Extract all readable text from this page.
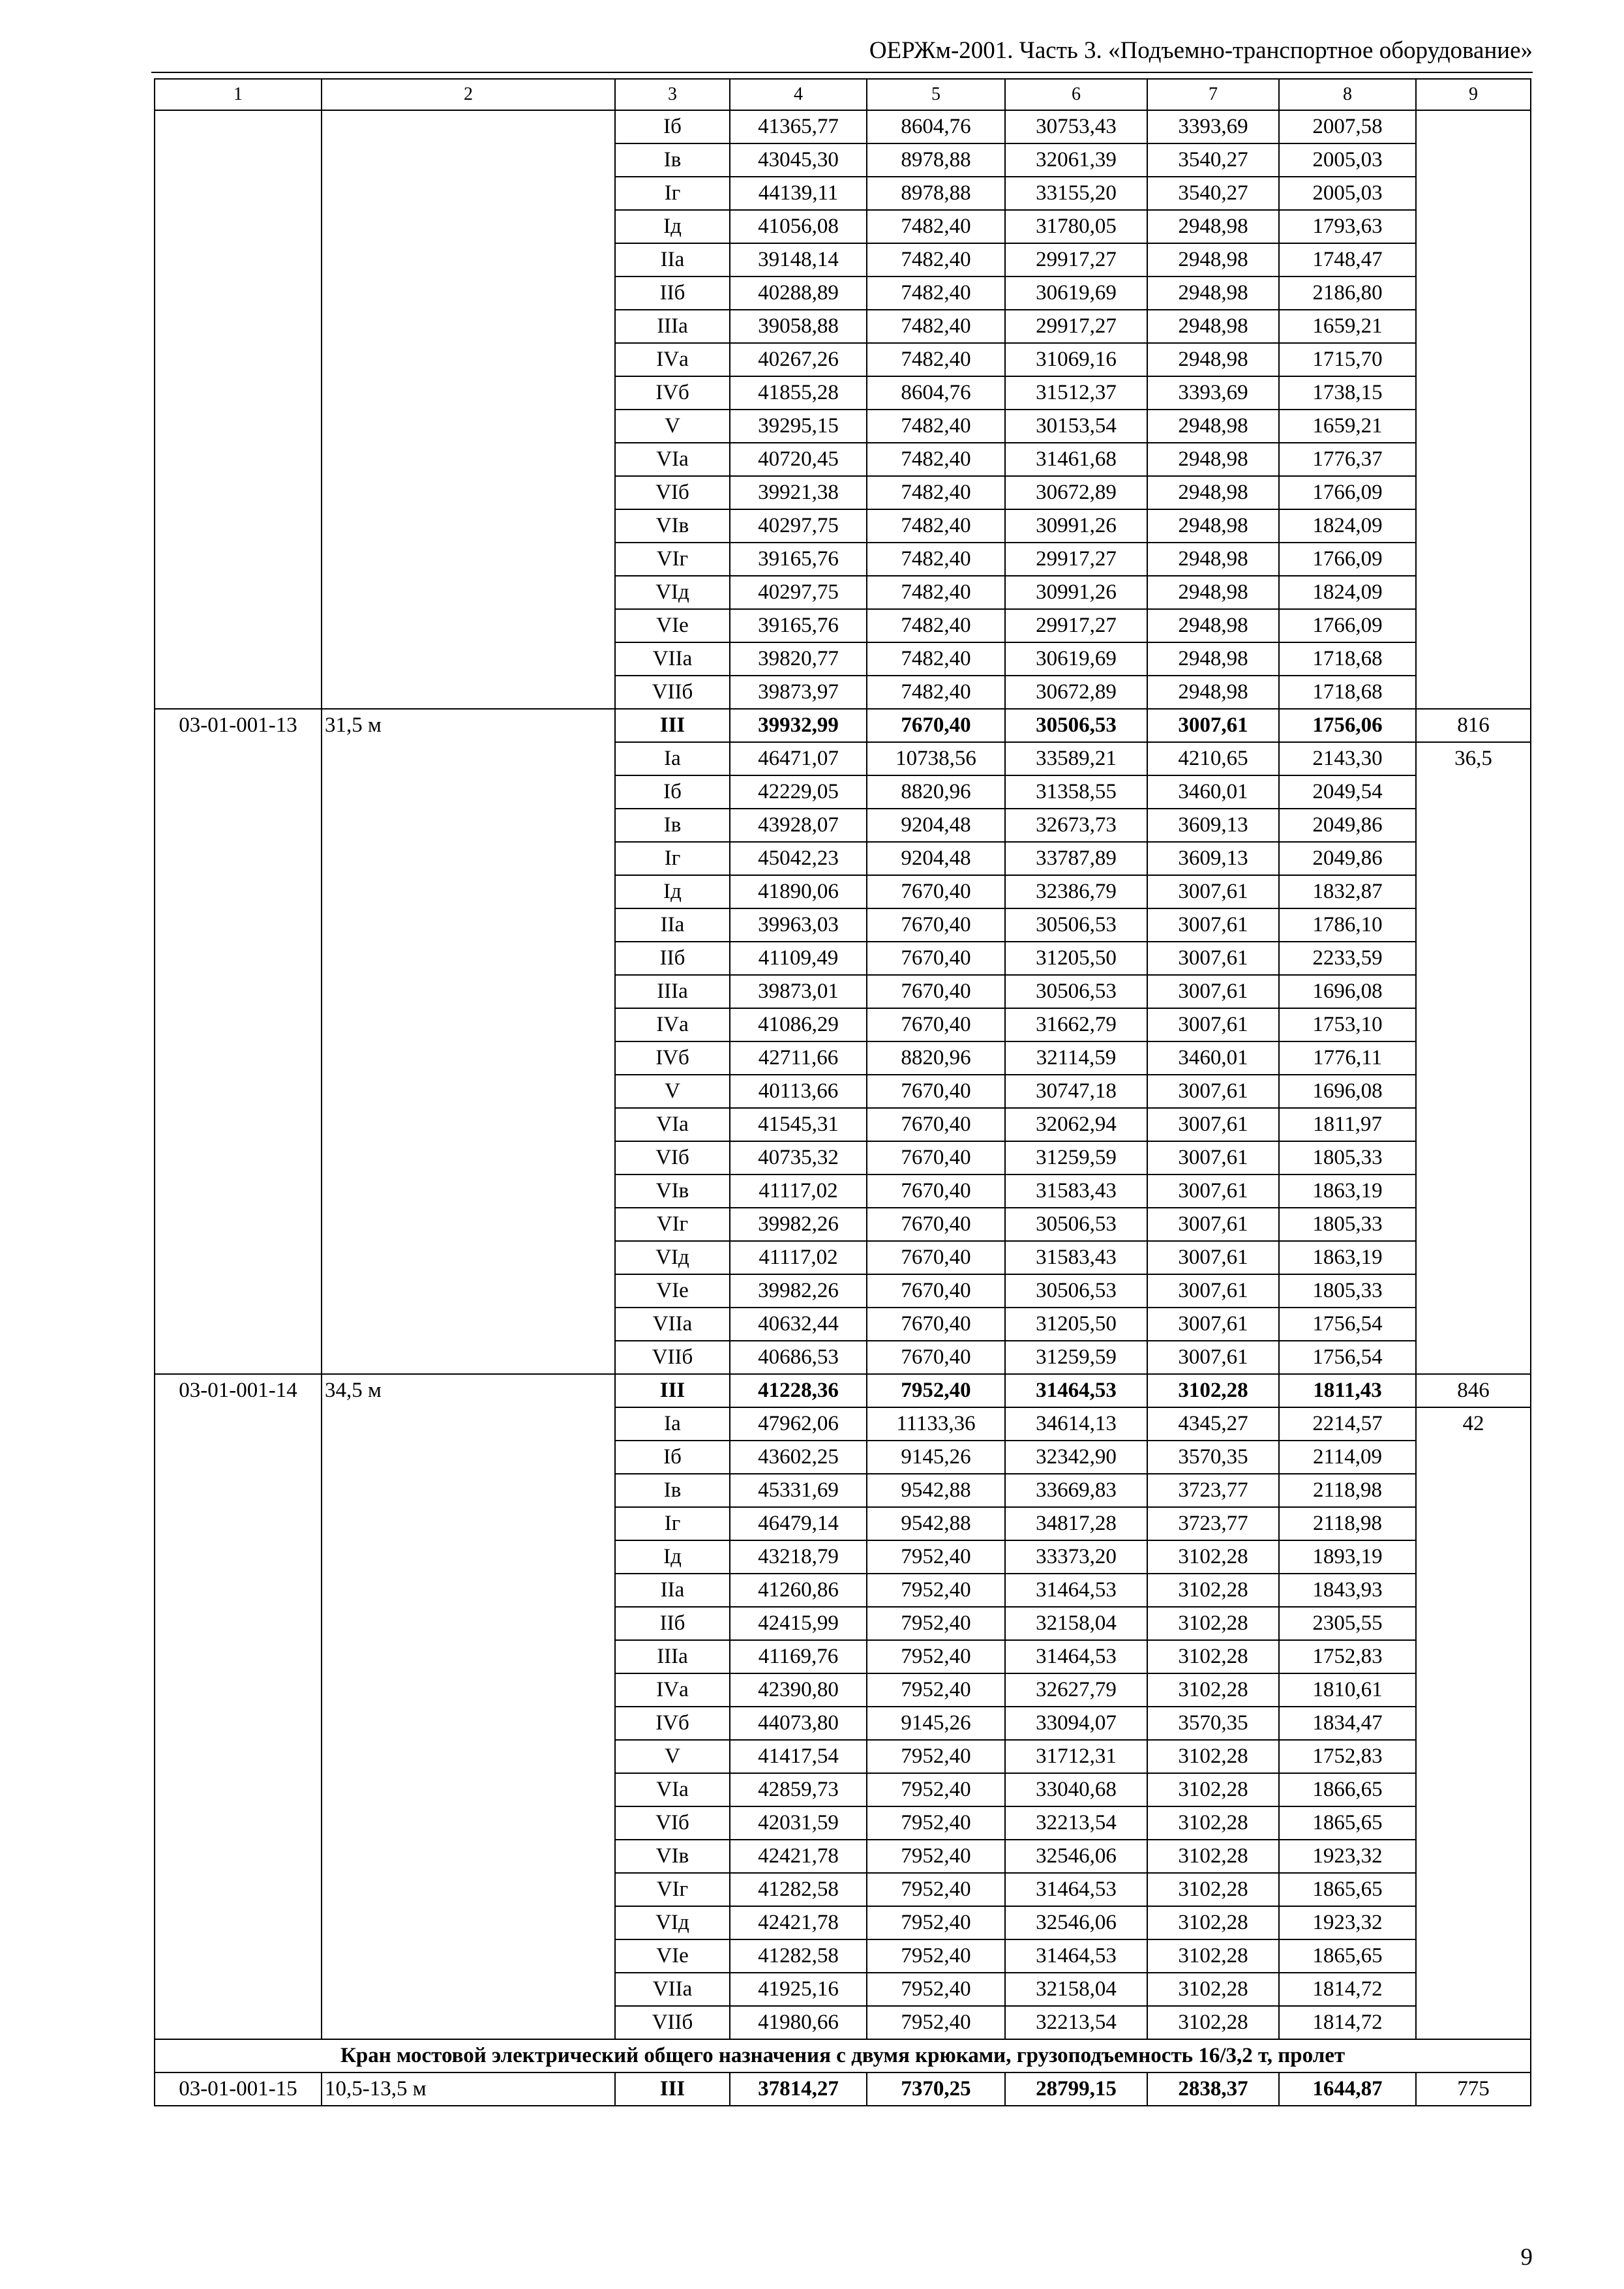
ОЕРЖм-2001. Часть 3. «Подъемно-транспортное оборудование»
1	2	3	4	5	6	7	8	9
		Iб	41365,77	8604,76	30753,43	3393,69	2007,58	
		Iв	43045,30	8978,88	32061,39	3540,27	2005,03	
		Iг	44139,11	8978,88	33155,20	3540,27	2005,03	
		Iд	41056,08	7482,40	31780,05	2948,98	1793,63	
		IIа	39148,14	7482,40	29917,27	2948,98	1748,47	
		IIб	40288,89	7482,40	30619,69	2948,98	2186,80	
		IIIа	39058,88	7482,40	29917,27	2948,98	1659,21	
		IVа	40267,26	7482,40	31069,16	2948,98	1715,70	
		IVб	41855,28	8604,76	31512,37	3393,69	1738,15	
		V	39295,15	7482,40	30153,54	2948,98	1659,21	
		VIа	40720,45	7482,40	31461,68	2948,98	1776,37	
		VIб	39921,38	7482,40	30672,89	2948,98	1766,09	
		VIв	40297,75	7482,40	30991,26	2948,98	1824,09	
		VIг	39165,76	7482,40	29917,27	2948,98	1766,09	
		VIд	40297,75	7482,40	30991,26	2948,98	1824,09	
		VIе	39165,76	7482,40	29917,27	2948,98	1766,09	
		VIIа	39820,77	7482,40	30619,69	2948,98	1718,68	
		VIIб	39873,97	7482,40	30672,89	2948,98	1718,68	
03-01-001-13	31,5 м	III	39932,99	7670,40	30506,53	3007,61	1756,06	816
		Iа	46471,07	10738,56	33589,21	4210,65	2143,30	36,5
		Iб	42229,05	8820,96	31358,55	3460,01	2049,54	
		Iв	43928,07	9204,48	32673,73	3609,13	2049,86	
		Iг	45042,23	9204,48	33787,89	3609,13	2049,86	
		Iд	41890,06	7670,40	32386,79	3007,61	1832,87	
		IIа	39963,03	7670,40	30506,53	3007,61	1786,10	
		IIб	41109,49	7670,40	31205,50	3007,61	2233,59	
		IIIа	39873,01	7670,40	30506,53	3007,61	1696,08	
		IVа	41086,29	7670,40	31662,79	3007,61	1753,10	
		IVб	42711,66	8820,96	32114,59	3460,01	1776,11	
		V	40113,66	7670,40	30747,18	3007,61	1696,08	
		VIа	41545,31	7670,40	32062,94	3007,61	1811,97	
		VIб	40735,32	7670,40	31259,59	3007,61	1805,33	
		VIв	41117,02	7670,40	31583,43	3007,61	1863,19	
		VIг	39982,26	7670,40	30506,53	3007,61	1805,33	
		VIд	41117,02	7670,40	31583,43	3007,61	1863,19	
		VIе	39982,26	7670,40	30506,53	3007,61	1805,33	
		VIIа	40632,44	7670,40	31205,50	3007,61	1756,54	
		VIIб	40686,53	7670,40	31259,59	3007,61	1756,54	
03-01-001-14	34,5 м	III	41228,36	7952,40	31464,53	3102,28	1811,43	846
		Iа	47962,06	11133,36	34614,13	4345,27	2214,57	42
		Iб	43602,25	9145,26	32342,90	3570,35	2114,09	
		Iв	45331,69	9542,88	33669,83	3723,77	2118,98	
		Iг	46479,14	9542,88	34817,28	3723,77	2118,98	
		Iд	43218,79	7952,40	33373,20	3102,28	1893,19	
		IIа	41260,86	7952,40	31464,53	3102,28	1843,93	
		IIб	42415,99	7952,40	32158,04	3102,28	2305,55	
		IIIа	41169,76	7952,40	31464,53	3102,28	1752,83	
		IVа	42390,80	7952,40	32627,79	3102,28	1810,61	
		IVб	44073,80	9145,26	33094,07	3570,35	1834,47	
		V	41417,54	7952,40	31712,31	3102,28	1752,83	
		VIа	42859,73	7952,40	33040,68	3102,28	1866,65	
		VIб	42031,59	7952,40	32213,54	3102,28	1865,65	
		VIв	42421,78	7952,40	32546,06	3102,28	1923,32	
		VIг	41282,58	7952,40	31464,53	3102,28	1865,65	
		VIд	42421,78	7952,40	32546,06	3102,28	1923,32	
		VIе	41282,58	7952,40	31464,53	3102,28	1865,65	
		VIIа	41925,16	7952,40	32158,04	3102,28	1814,72	
		VIIб	41980,66	7952,40	32213,54	3102,28	1814,72	
Кран мостовой электрический общего назначения с двумя крюками, грузоподъемность 16/3,2 т, пролет								
03-01-001-15	10,5-13,5 м	III	37814,27	7370,25	28799,15	2838,37	1644,87	775
9
